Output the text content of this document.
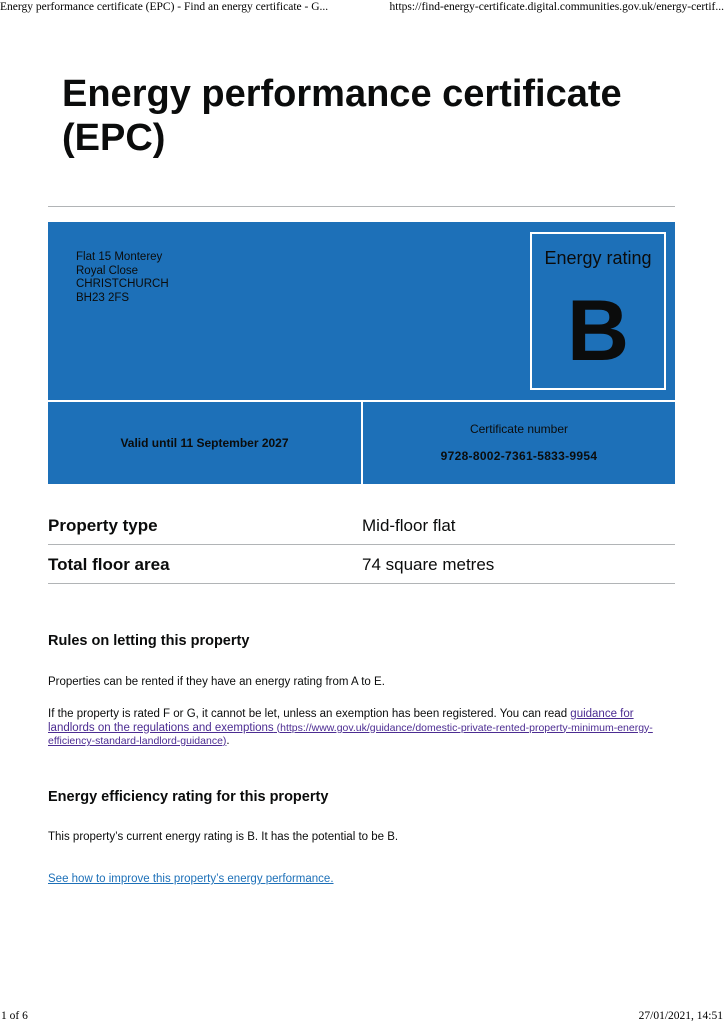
Energy performance certificate (EPC) - Find an energy certificate - G...	https://find-energy-certificate.digital.communities.gov.uk/energy-certif...
Energy performance certificate (EPC)
Flat 15 Monterey
Royal Close
CHRISTCHURCH
BH23 2FS
Energy rating
B
Valid until 11 September 2027
Certificate number
9728-8002-7361-5833-9954
Property type	Mid-floor flat
Total floor area	74 square metres
Rules on letting this property

Properties can be rented if they have an energy rating from A to E.

If the property is rated F or G, it cannot be let, unless an exemption has been registered. You can read guidance for landlords on the regulations and exemptions (https://www.gov.uk/guidance/domestic-private-rented-property-minimum-energy-efficiency-standard-landlord-guidance).

Energy efficiency rating for this property

This property’s current energy rating is B. It has the potential to be B.

See how to improve this property’s energy performance.
1 of 6	27/01/2021, 14:51
